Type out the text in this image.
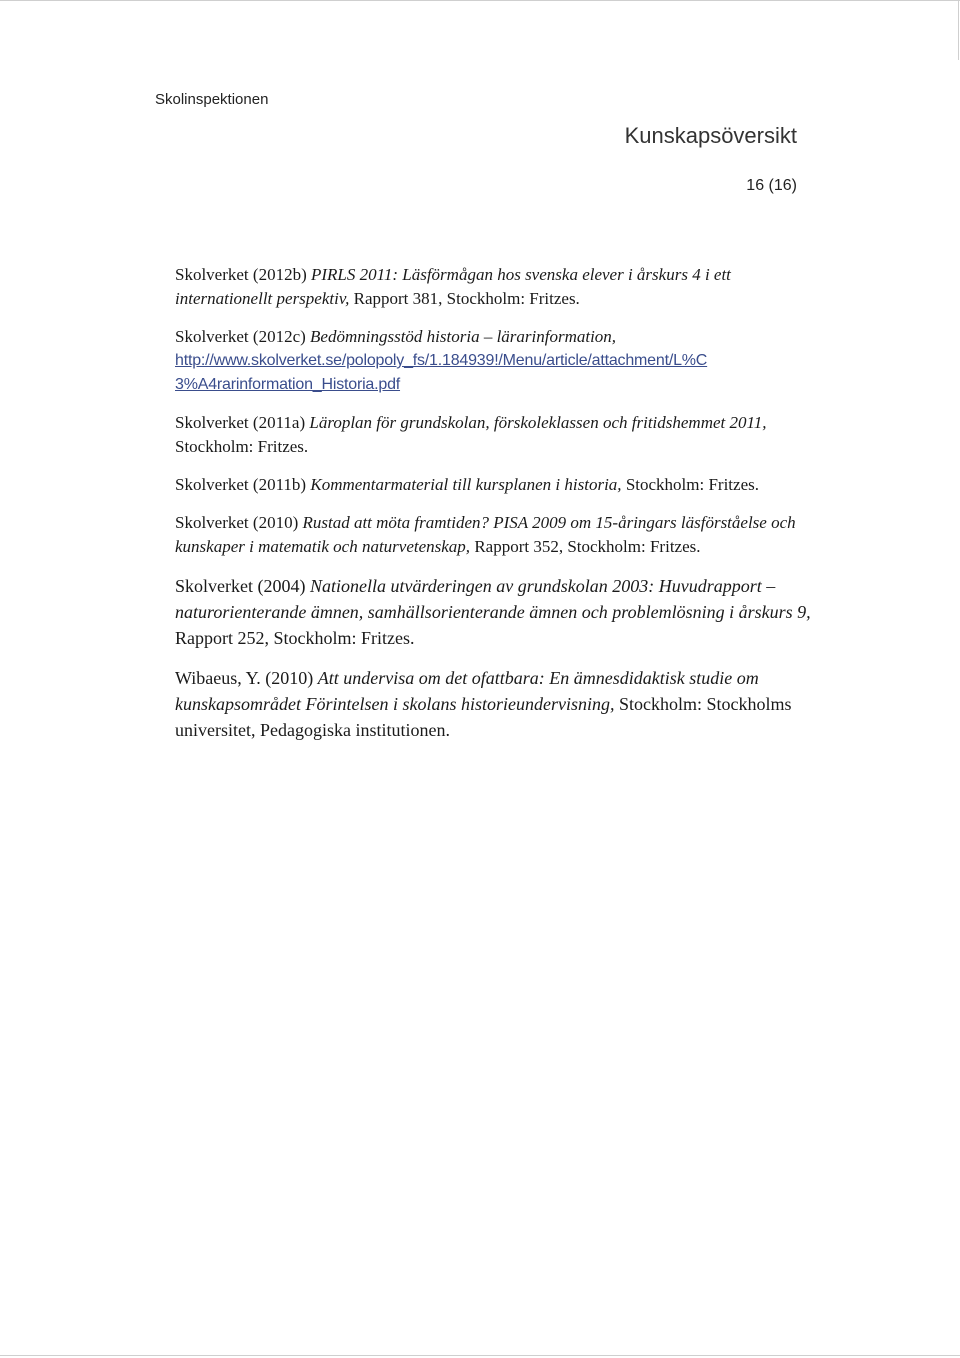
Skolinspektionen
Kunskapsöversikt
16 (16)

Skolverket (2012b) PIRLS 2011: Läsförmågan hos svenska elever i årskurs 4 i ett internationellt perspektiv, Rapport 381, Stockholm: Fritzes.

Skolverket (2012c) Bedömningsstöd historia – lärarinformation,
http://www.skolverket.se/polopoly_fs/1.184939!/Menu/article/attachment/L%C
3%A4rarinformation_Historia.pdf

Skolverket (2011a) Läroplan för grundskolan, förskoleklassen och fritidshemmet 2011, Stockholm: Fritzes.

Skolverket (2011b) Kommentarmaterial till kursplanen i historia, Stockholm: Fritzes.

Skolverket (2010) Rustad att möta framtiden? PISA 2009 om 15-åringars läsförståelse och kunskaper i matematik och naturvetenskap, Rapport 352, Stockholm: Fritzes.

Skolverket (2004) Nationella utvärderingen av grundskolan 2003: Huvudrapport – naturorienterande ämnen, samhällsorienterande ämnen och problemlösning i årskurs 9, Rapport 252, Stockholm: Fritzes.

Wibaeus, Y. (2010) Att undervisa om det ofattbara: En ämnesdidaktisk studie om kunskapsområdet Förintelsen i skolans historieundervisning, Stockholm: Stockholms universitet, Pedagogiska institutionen.
